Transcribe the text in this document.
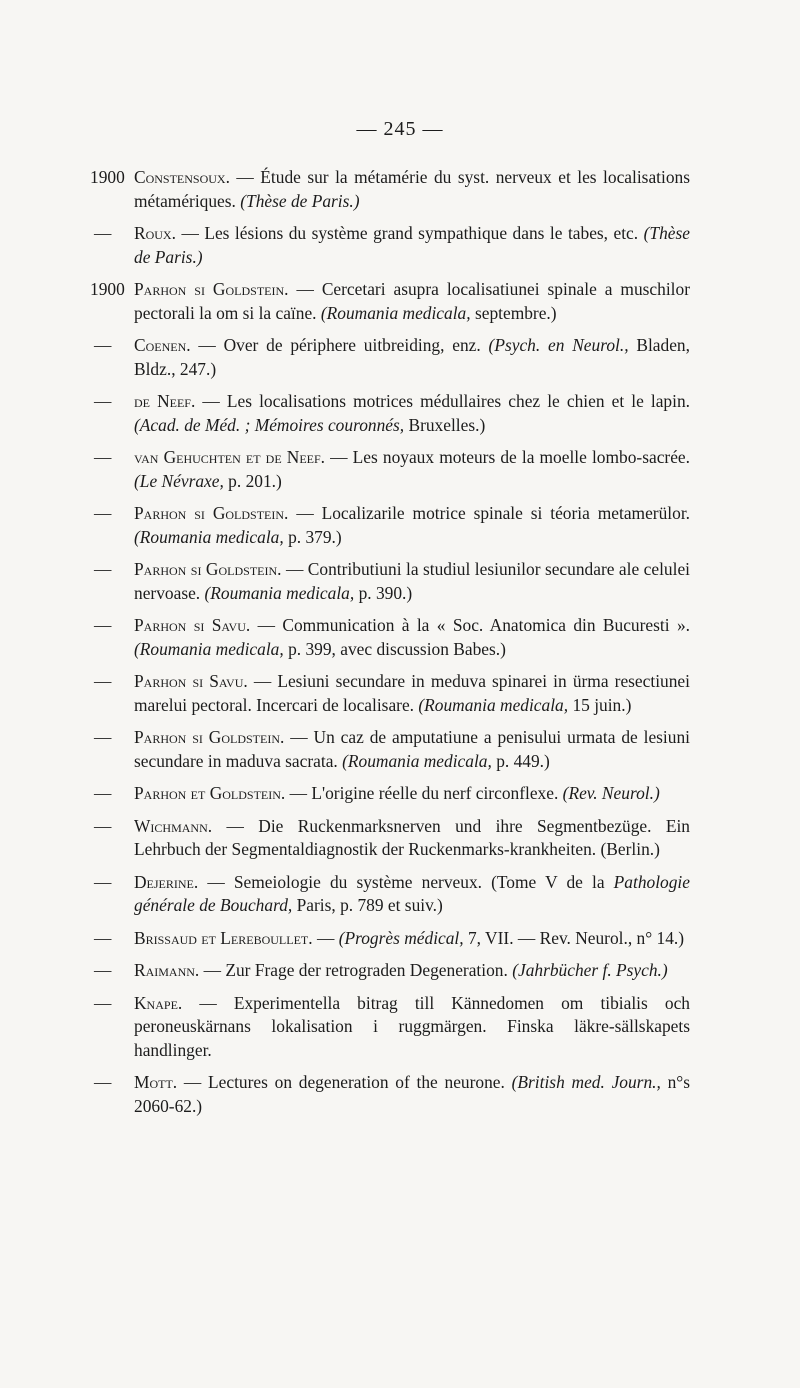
— 245 —
1900 Constensoux. — Étude sur la métamérie du syst. nerveux et les localisations métamériques. (Thèse de Paris.)
— Roux. — Les lésions du système grand sympathique dans le tabes, etc. (Thèse de Paris.)
1900 Parhon si Goldstein. — Cercetari asupra localisatiunei spinale a muschilor pectorali la om si la caïne. (Roumania medicala, septembre.)
— Coenen. — Over de périphere uitbreiding, enz. (Psych. en Neurol., Bladen, Bldz., 247.)
— de Neef. — Les localisations motrices médullaires chez le chien et le lapin. (Acad. de Méd. ; Mémoires couronnés, Bruxelles.)
— van Gehuchten et de Neef. — Les noyaux moteurs de la moelle lombo-sacrée. (Le Névraxe, p. 201.)
— Parhon si Goldstein. — Localizarile motrice spinale si téoria metamerülor. (Roumania medicala, p. 379.)
— Parhon si Goldstein. — Contributiuni la studiul lesiunilor secundare ale celulei nervoase. (Roumania medicala, p. 390.)
— Parhon si Savu. — Communication à la « Soc. Anatomica din Bucuresti ». (Roumania medicala, p. 399, avec discussion Babes.)
— Parhon si Savu. — Lesiuni secundare in meduva spinarei in ürma resectiunei marelui pectoral. Incercari de localisare. (Roumania medicala, 15 juin.)
— Parhon si Goldstein. — Un caz de amputatiune a penisului urmata de lesiuni secundare in maduva sacrata. (Roumania medicala, p. 449.)
— Parhon et Goldstein. — L'origine réelle du nerf circonflexe. (Rev. Neurol.)
— Wichmann. — Die Ruckenmarksnerven und ihre Segmentbezüge. Ein Lehrbuch der Segmentaldiagnostik der Ruckenmarks-krankheiten. (Berlin.)
— Dejerine. — Semeiologie du système nerveux. (Tome V de la Pathologie générale de Bouchard, Paris, p. 789 et suiv.)
— Brissaud et Lereboullet. — (Progrès médical, 7, VII. — Rev. Neurol., n° 14.)
— Raimann. — Zur Frage der retrograden Degeneration. (Jahrbücher f. Psych.)
— Knape. — Experimentella bitrag till Kännedomen om tibialis och peroneuskärnans lokalisation i ruggmärgen. Finska läkre-sällskapets handlinger.
— Mott. — Lectures on degeneration of the neurone. (British med. Journ., n°s 2060-62.)
